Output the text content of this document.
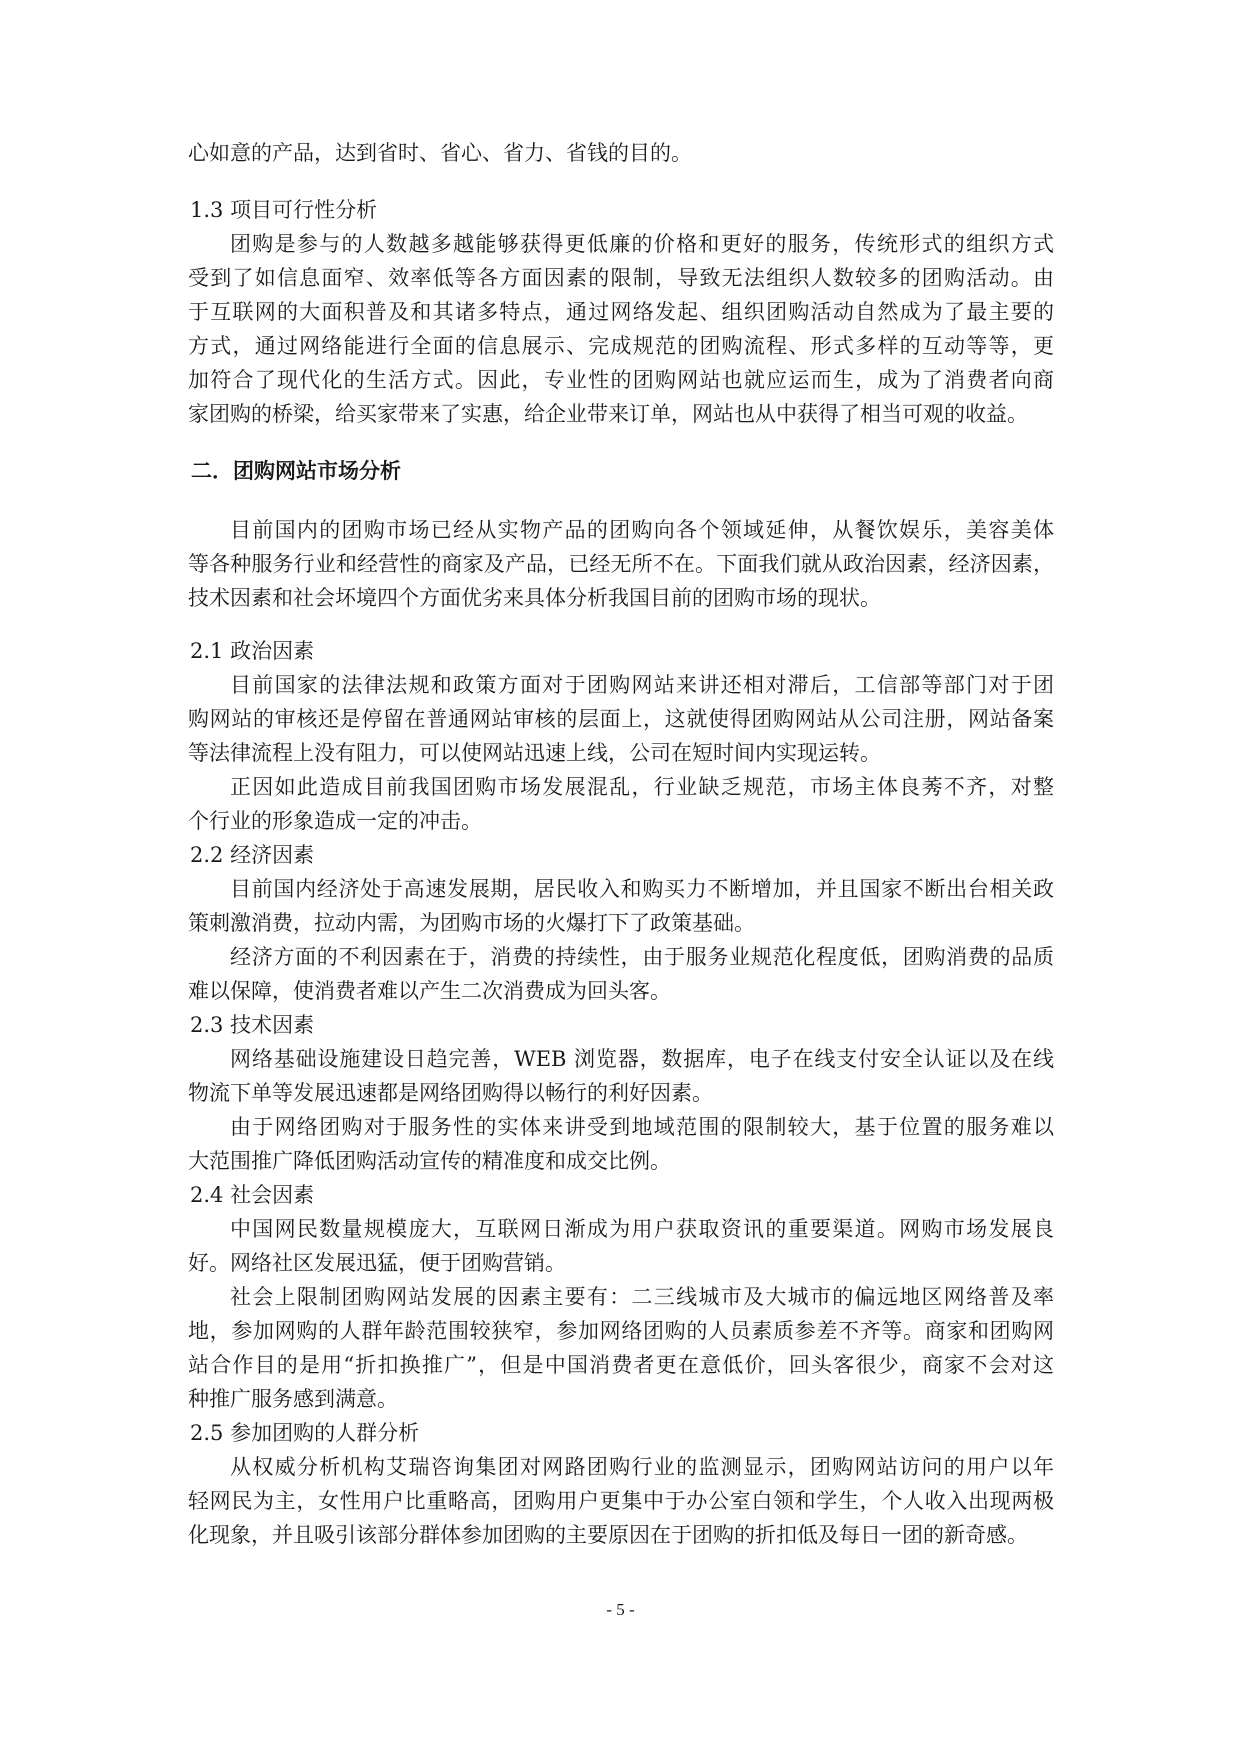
心如意的产品，达到省时、省心、省力、省钱的目的。
1.3 项目可行性分析
团购是参与的人数越多越能够获得更低廉的价格和更好的服务，传统形式的组织方式
受到了如信息面窄、效率低等各方面因素的限制，导致无法组织人数较多的团购活动。由
于互联网的大面积普及和其诸多特点，通过网络发起、组织团购活动自然成为了最主要的
方式，通过网络能进行全面的信息展示、完成规范的团购流程、形式多样的互动等等，更
加符合了现代化的生活方式。因此，专业性的团购网站也就应运而生，成为了消费者向商
家团购的桥梁，给买家带来了实惠，给企业带来订单，网站也从中获得了相当可观的收益。
二．团购网站市场分析
目前国内的团购市场已经从实物产品的团购向各个领域延伸，从餐饮娱乐，美容美体
等各种服务行业和经营性的商家及产品，已经无所不在。下面我们就从政治因素，经济因素，
技术因素和社会坏境四个方面优劣来具体分析我国目前的团购市场的现状。
2.1 政治因素
目前国家的法律法规和政策方面对于团购网站来讲还相对滞后，工信部等部门对于团
购网站的审核还是停留在普通网站审核的层面上，这就使得团购网站从公司注册，网站备案
等法律流程上没有阻力，可以使网站迅速上线，公司在短时间内实现运转。
正因如此造成目前我国团购市场发展混乱，行业缺乏规范，市场主体良莠不齐，对整
个行业的形象造成一定的冲击。
2.2 经济因素
目前国内经济处于高速发展期，居民收入和购买力不断增加，并且国家不断出台相关政
策刺激消费，拉动内需，为团购市场的火爆打下了政策基础。
经济方面的不利因素在于，消费的持续性，由于服务业规范化程度低，团购消费的品质
难以保障，使消费者难以产生二次消费成为回头客。
2.3 技术因素
网络基础设施建设日趋完善，WEB 浏览器，数据库，电子在线支付安全认证以及在线
物流下单等发展迅速都是网络团购得以畅行的利好因素。
由于网络团购对于服务性的实体来讲受到地域范围的限制较大，基于位置的服务难以
大范围推广降低团购活动宣传的精准度和成交比例。
2.4 社会因素
中国网民数量规模庞大，互联网日渐成为用户获取资讯的重要渠道。网购市场发展良
好。网络社区发展迅猛，便于团购营销。
社会上限制团购网站发展的因素主要有：二三线城市及大城市的偏远地区网络普及率
地，参加网购的人群年龄范围较狭窄，参加网络团购的人员素质参差不齐等。商家和团购网
站合作目的是用“折扣换推广”，但是中国消费者更在意低价，回头客很少，商家不会对这
种推广服务感到满意。
2.5 参加团购的人群分析
从权威分析机构艾瑞咨询集团对网路团购行业的监测显示，团购网站访问的用户以年
轻网民为主，女性用户比重略高，团购用户更集中于办公室白领和学生，个人收入出现两极
化现象，并且吸引该部分群体参加团购的主要原因在于团购的折扣低及每日一团的新奇感。
- 5 -
